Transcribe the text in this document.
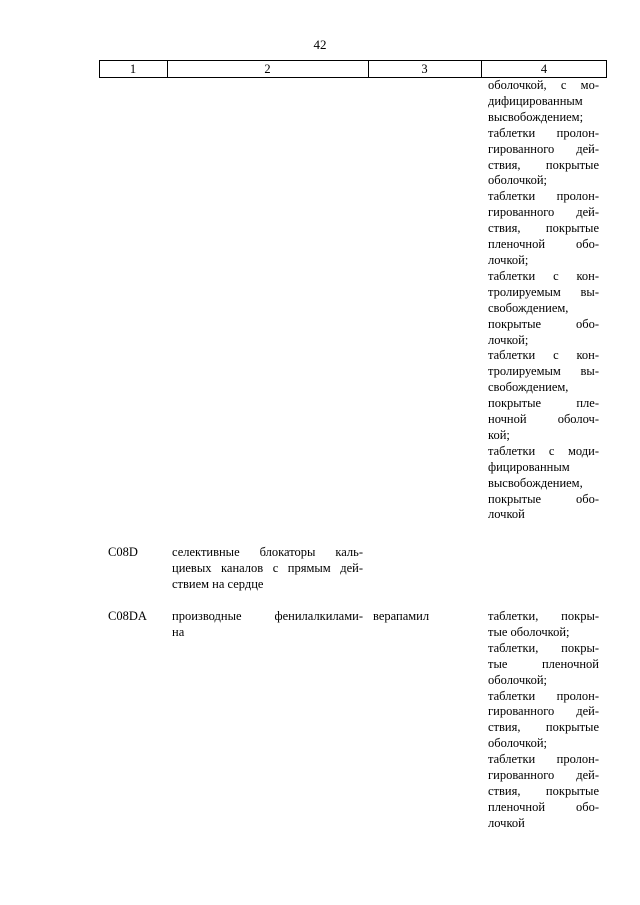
42
1	2	3	4
оболочкой, с мо-
дифицированным
высвобождением;
таблетки пролон-
гированного дей-
ствия, покрытые
оболочкой;
таблетки пролон-
гированного дей-
ствия, покрытые
пленочной обо-
лочкой;
таблетки с кон-
тролируемым вы-
свобождением,
покрытые обо-
лочкой;
таблетки с кон-
тролируемым вы-
свобождением,
покрытые пле-
ночной оболоч-
кой;
таблетки с моди-
фицированным
высвобождением,
покрытые обо-
лочкой
C08D	селективные блокаторы каль-
циевых каналов с прямым дей-
ствием на сердце
C08DA производные фенилалкилами-
на
верапамил	таблетки, покры-
тые оболочкой;
таблетки, покры-
тые пленочной
оболочкой;
таблетки пролон-
гированного дей-
ствия, покрытые
оболочкой;
таблетки пролон-
гированного дей-
ствия, покрытые
пленочной обо-
лочкой
